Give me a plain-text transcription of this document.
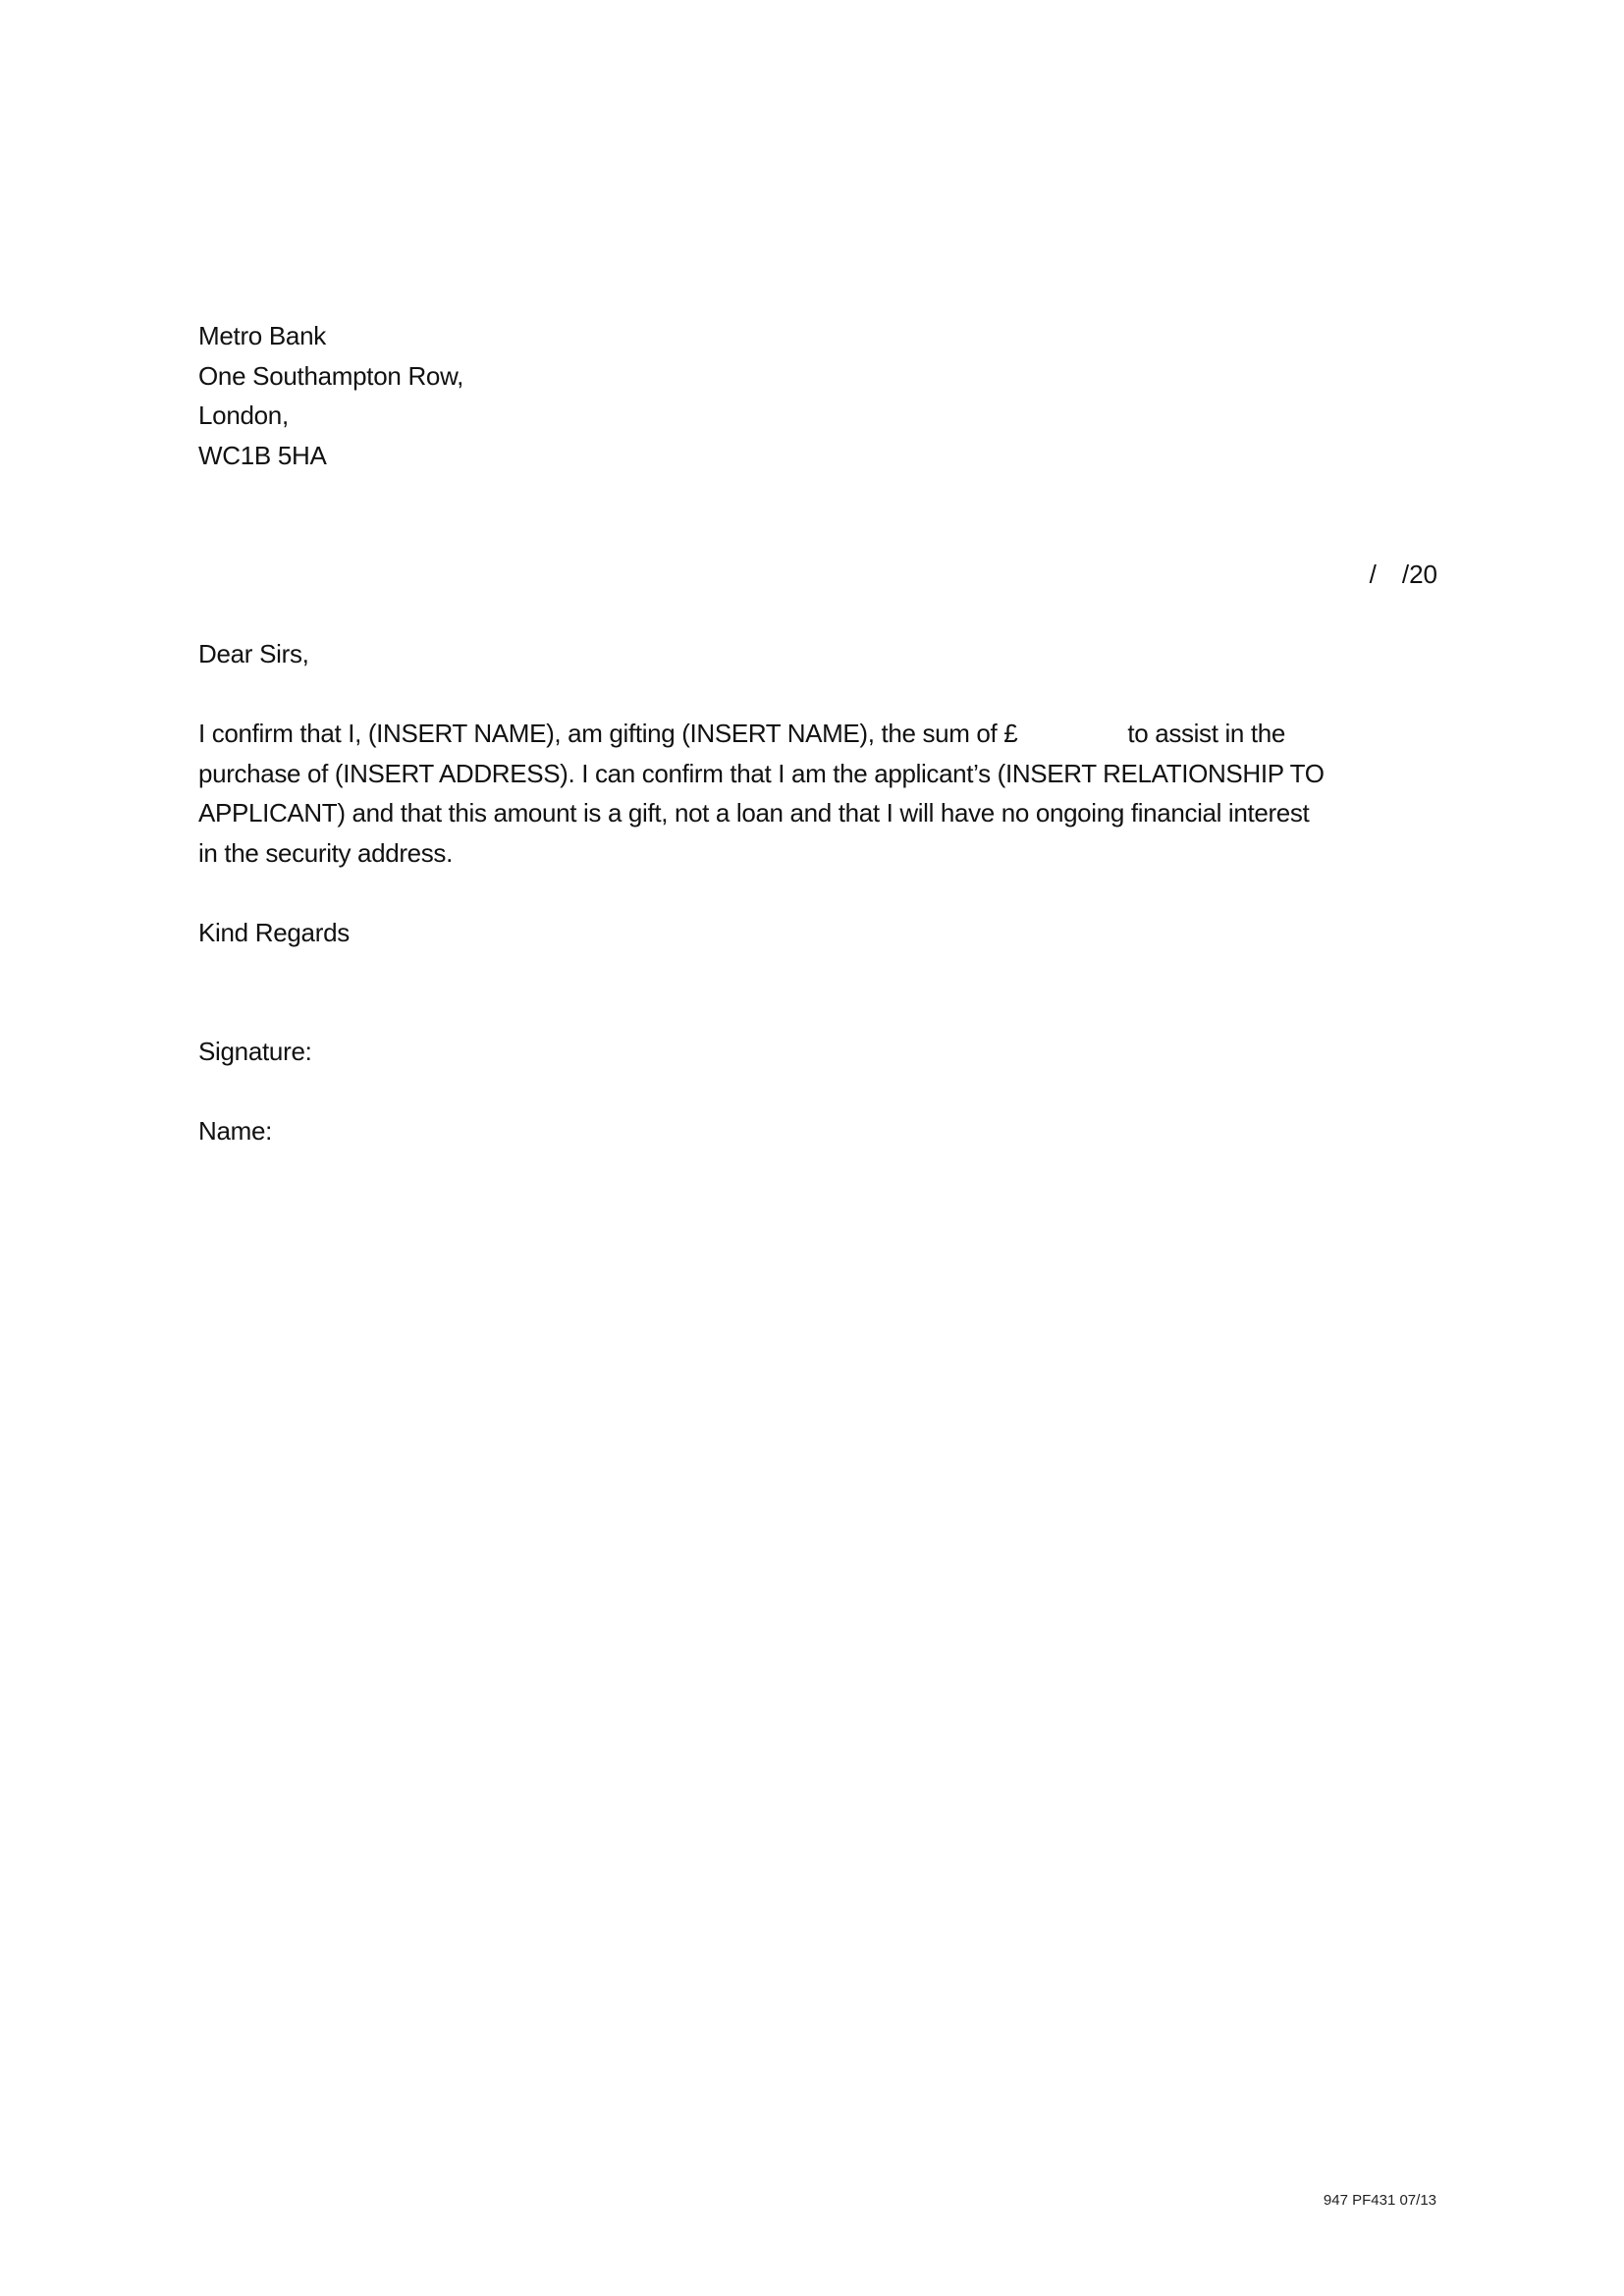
Metro Bank
One Southampton Row,
London,
WC1B 5HA
/ /20
Dear Sirs,
I confirm that I, (INSERT NAME), am gifting (INSERT NAME), the sum of £	to assist in the
purchase of (INSERT ADDRESS). I can confirm that I am the applicant’s (INSERT RELATIONSHIP TO
APPLICANT) and that this amount is a gift, not a loan and that I will have no ongoing financial interest
in the security address.
Kind Regards
Signature:
Name:
947 PF431 07/13
